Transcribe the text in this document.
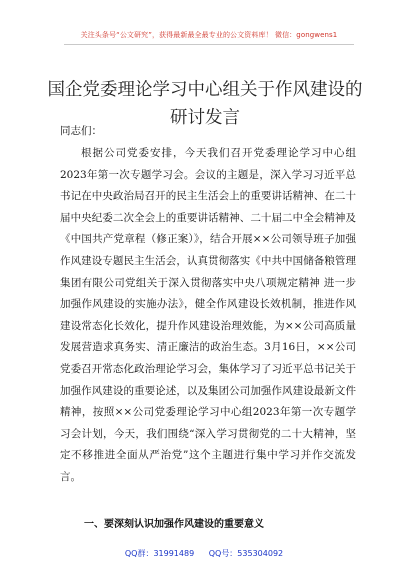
关注头条号“公文研究”，获得最新最全最专业的公文资料库！ 微信：gongwens1
国企党委理论学习中心组关于作风建设的研讨发言
同志们：
根据公司党委安排，今天我们召开党委理论学习中心组2023年第一次专题学习会。会议的主题是，深入学习习近平总书记在中央政治局召开的民主生活会上的重要讲话精神、在二十届中央纪委二次全会上的重要讲话精神、二十届二中全会精神及《中国共产党章程（修正案）》，结合开展××公司领导班子加强作风建设专题民主生活会，认真贯彻落实《中共中国储备粮管理集团有限公司党组关于深入贯彻落实中央八项规定精神 进一步加强作风建设的实施办法》，健全作风建设长效机制，推进作风建设常态化长效化，提升作风建设治理效能，为××公司高质量发展营造求真务实、清正廉洁的政治生态。3月16日，××公司党委召开常态化政治理论学习会，集体学习了习近平总书记关于加强作风建设的重要论述，以及集团公司加强作风建设最新文件精神，按照××公司党委理论学习中心组2023年第一次专题学习会计划，今天，我们围绕“深入学习贯彻党的二十大精神，坚定不移推进全面从严治党”这个主题进行集中学习并作交流发言。
一、要深刻认识加强作风建设的重要意义
QQ群：31991489 QQ号：535304092
